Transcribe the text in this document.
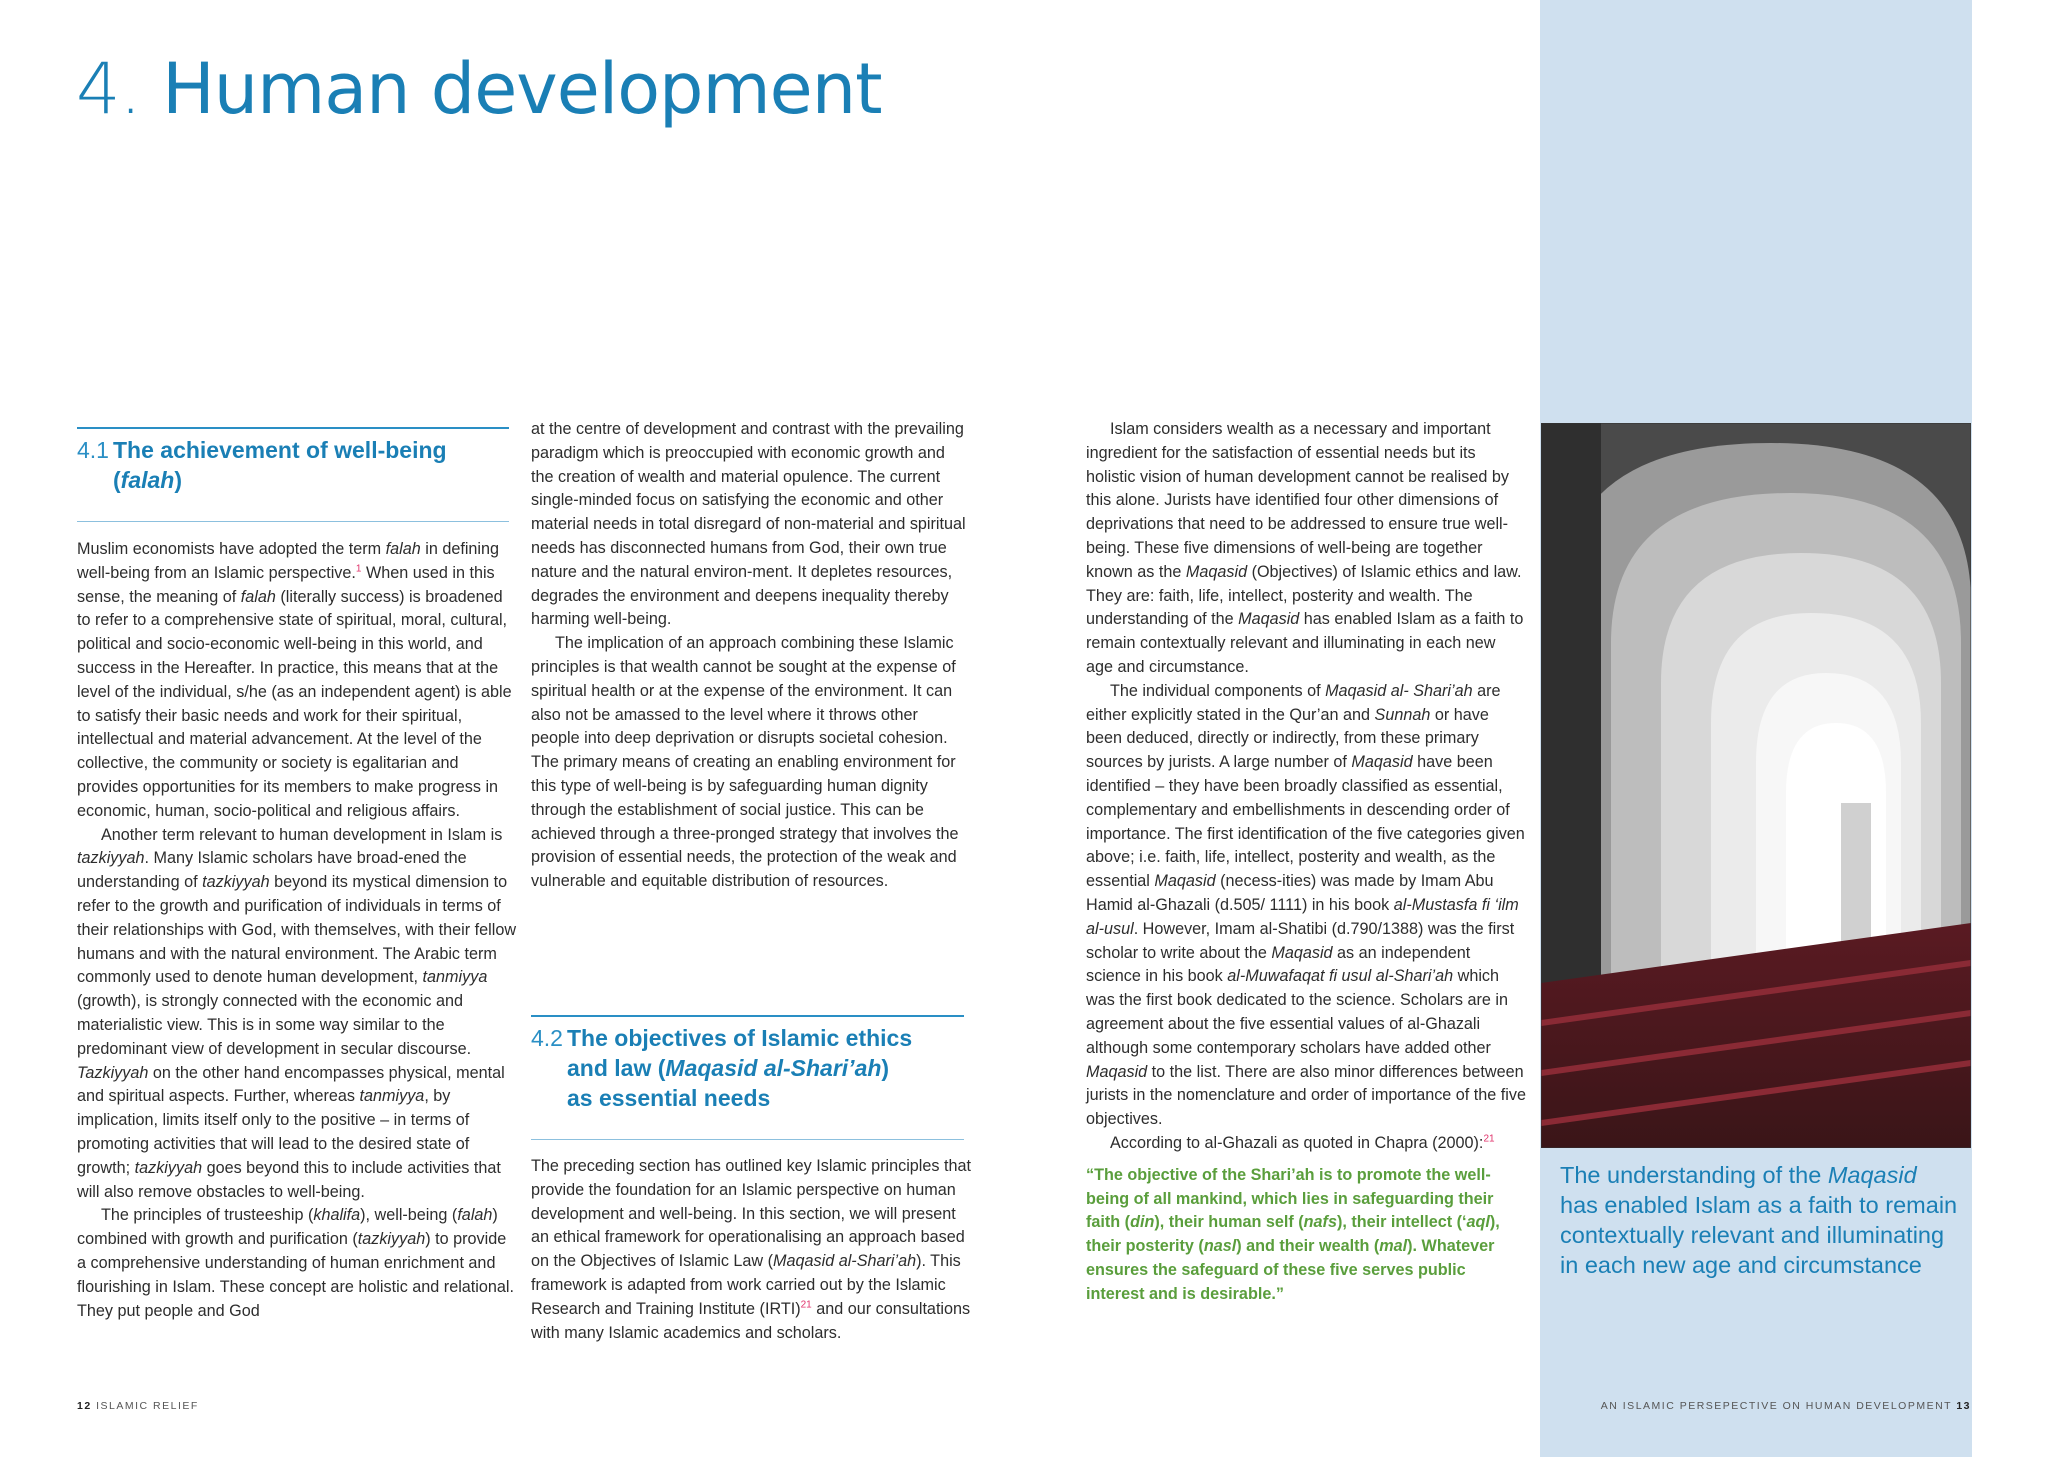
4. Human development
4.1 The achievement of well-being
(falah)

Muslim economists have adopted the term falah in defining well-being from an Islamic perspective.$^1$ When used in this sense, the meaning of falah (literally success) is broadened to refer to a comprehensive state of spiritual, moral, cultural, political and socio-economic well-being in this world, and success in the Hereafter. In practice, this means that at the level of the individual, s/he (as an independent agent) is able to satisfy their basic needs and work for their spiritual, intellectual and material advancement. At the level of the collective, the community or society is egalitarian and provides opportunities for its members to make progress in economic, human, socio-political and religious affairs.

Another term relevant to human development in Islam is tazkiyyah. Many Islamic scholars have broad-ened the understanding of tazkiyyah beyond its mystical dimension to refer to the growth and purification of individuals in terms of their relationships with God, with themselves, with their fellow humans and with the natural environment. The Arabic term commonly used to denote human development, tanmiyya (growth), is strongly connected with the economic and materialistic view. This is in some way similar to the predominant view of development in secular discourse. Tazkiyyah on the other hand encompasses physical, mental and spiritual aspects. Further, whereas tanmiyya, by implication, limits itself only to the positive – in terms of promoting activities that will lead to the desired state of growth; tazkiyyah goes beyond this to include activities that will also remove obstacles to well-being.

The principles of trusteeship (khalifa), well-being (falah) combined with growth and purification (tazkiyyah) to provide a comprehensive understanding of human enrichment and flourishing in Islam. These concept are holistic and relational. They put people and God

at the centre of development and contrast with the prevailing paradigm which is preoccupied with economic growth and the creation of wealth and material opulence. The current single-minded focus on satisfying the economic and other material needs in total disregard of non-material and spiritual needs has disconnected humans from God, their own true nature and the natural environ-ment. It depletes resources, degrades the environment and deepens inequality thereby harming well-being.

The implication of an approach combining these Islamic principles is that wealth cannot be sought at the expense of spiritual health or at the expense of the environment. It can also not be amassed to the level where it throws other people into deep deprivation or disrupts societal cohesion. The primary means of creating an enabling environment for this type of well-being is by safeguarding human dignity through the establishment of social justice. This can be achieved through a three-pronged strategy that involves the provision of essential needs, the protection of the weak and vulnerable and equitable distribution of resources.

4.2 The objectives of Islamic ethics
and law (Maqasid al-Shari’ah)
as essential needs

The preceding section has outlined key Islamic principles that provide the foundation for an Islamic perspective on human development and well-being. In this section, we will present an ethical framework for operationalising an approach based on the Objectives of Islamic Law (Maqasid al-Shari’ah). This framework is adapted from work carried out by the Islamic Research and Training Institute (IRTI)$^{21}$ and our consultations with many Islamic academics and scholars.

Islam considers wealth as a necessary and important ingredient for the satisfaction of essential needs but its holistic vision of human development cannot be realised by this alone. Jurists have identified four other dimensions of deprivations that need to be addressed to ensure true well-being. These five dimensions of well-being are together known as the Maqasid (Objectives) of Islamic ethics and law. They are: faith, life, intellect, posterity and wealth. The understanding of the Maqasid has enabled Islam as a faith to remain contextually relevant and illuminating in each new age and circumstance.

The individual components of Maqasid al- Shari’ah are either explicitly stated in the Qur’an and Sunnah or have been deduced, directly or indirectly, from these primary sources by jurists. A large number of Maqasid have been identified – they have been broadly classified as essential, complementary and embellishments in descending order of importance. The first identification of the five categories given above; i.e. faith, life, intellect, posterity and wealth, as the essential Maqasid (necess-ities) was made by Imam Abu Hamid al-Ghazali (d.505/ 1111) in his book al-Mustasfa fi ‘ilm al-usul. However, Imam al-Shatibi (d.790/1388) was the first scholar to write about the Maqasid as an independent science in his book al-Muwafaqat fi usul al-Shari’ah which was the first book dedicated to the science. Scholars are in agreement about the five essential values of al-Ghazali although some contemporary scholars have added other Maqasid to the list. There are also minor differences between jurists in the nomenclature and order of importance of the five objectives.

According to al-Ghazali as quoted in Chapra (2000):$^{21}$

“The objective of the Shari’ah is to promote the well-being of all mankind, which lies in safeguarding their faith (din), their human self (nafs), their intellect (‘aql), their posterity (nasl) and their wealth (mal). Whatever ensures the safeguard of these five serves public interest and is desirable.”

The understanding of the Maqasid has enabled Islam as a faith to remain contextually relevant and illuminating in each new age and circumstance
12 ISLAMIC RELIEF	AN ISLAMIC PERSEPECTIVE ON HUMAN DEVELOPMENT 13
